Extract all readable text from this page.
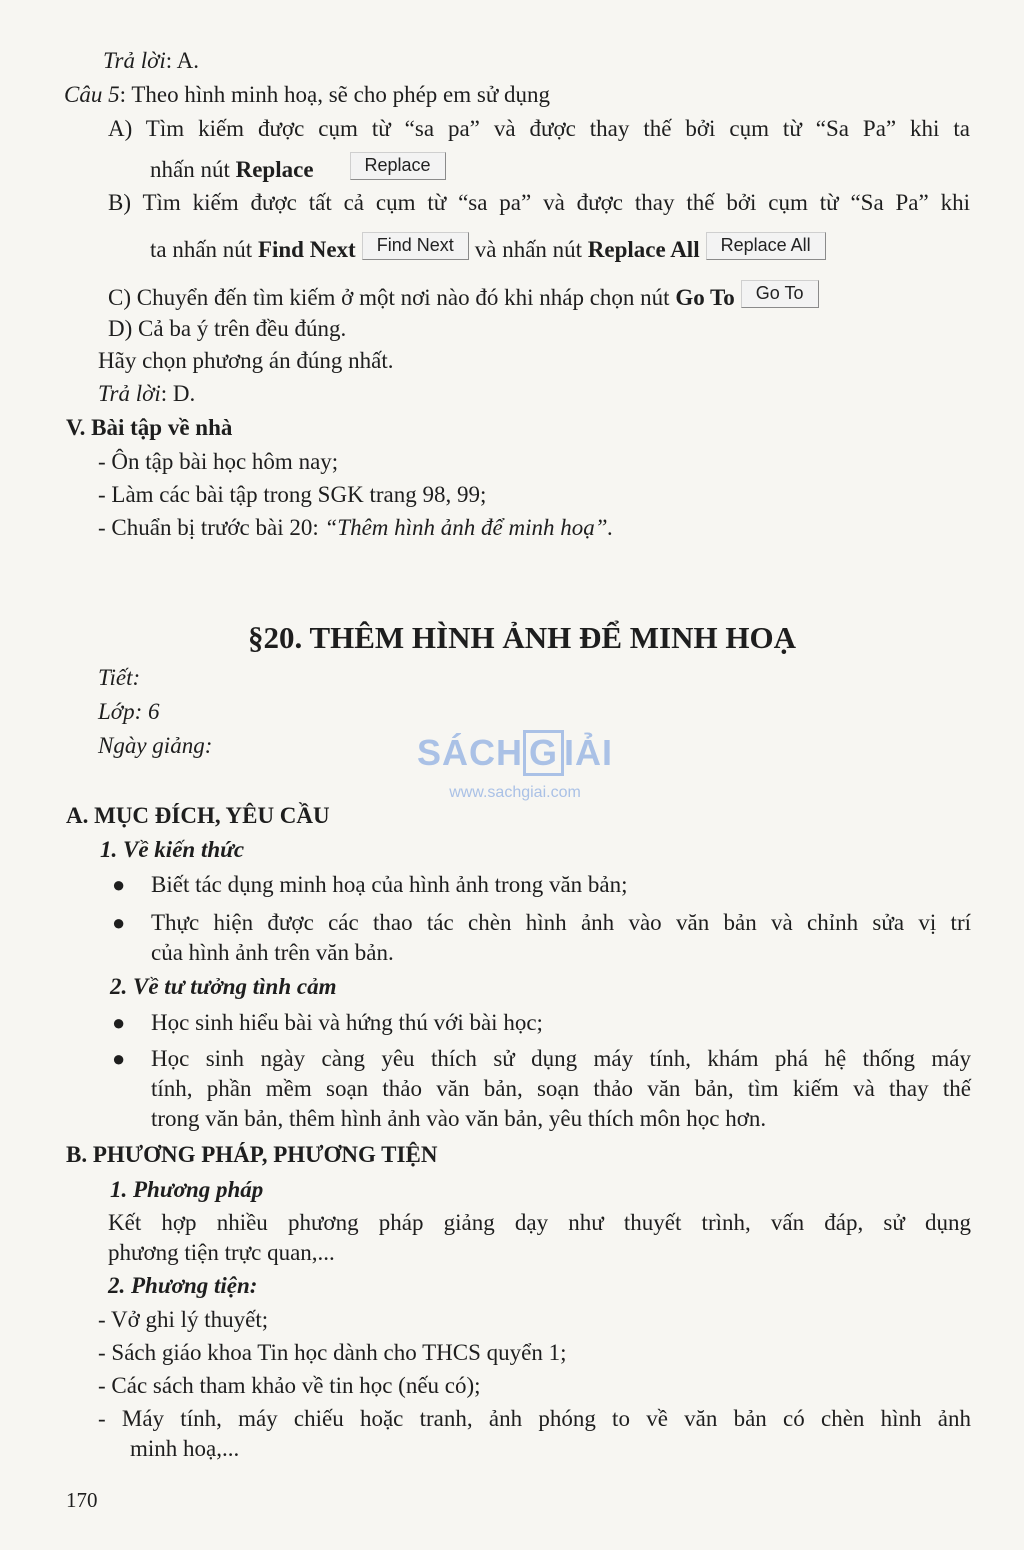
Trả lời: A.
Câu 5: Theo hình minh hoạ, sẽ cho phép em sử dụng
A) Tìm kiếm được cụm từ “sa pa” và được thay thế bởi cụm từ “Sa Pa” khi ta
nhấn nút Replace	Replace
B) Tìm kiếm được tất cả cụm từ “sa pa” và được thay thế bởi cụm từ “Sa Pa” khi
ta nhấn nút Find Next Find Next và nhấn nút Replace All Replace All
C) Chuyển đến tìm kiếm ở một nơi nào đó khi nháp chọn nút Go To Go To
D) Cả ba ý trên đều đúng.
Hãy chọn phương án đúng nhất.
Trả lời: D.
V. Bài tập về nhà
- Ôn tập bài học hôm nay;
- Làm các bài tập trong SGK trang 98, 99;
- Chuẩn bị trước bài 20: “Thêm hình ảnh để minh hoạ”.
§20. THÊM HÌNH ẢNH ĐỂ MINH HOẠ
Tiết:
Lớp: 6
Ngày giảng:	SÁCH G IẢI
www.sachgiai.com
A. MỤC ĐÍCH, YÊU CẦU
1. Về kiến thức
● Biết tác dụng minh hoạ của hình ảnh trong văn bản;
● Thực hiện được các thao tác chèn hình ảnh vào văn bản và chỉnh sửa vị trí
của hình ảnh trên văn bản.
2. Về tư tưởng tình cảm
● Học sinh hiểu bài và hứng thú với bài học;
● Học sinh ngày càng yêu thích sử dụng máy tính, khám phá hệ thống máy
tính, phần mềm soạn thảo văn bản, soạn thảo văn bản, tìm kiếm và thay thế
trong văn bản, thêm hình ảnh vào văn bản, yêu thích môn học hơn.
B. PHƯƠNG PHÁP, PHƯƠNG TIỆN
1. Phương pháp
Kết hợp nhiều phương pháp giảng dạy như thuyết trình, vấn đáp, sử dụng
phương tiện trực quan,...
2. Phương tiện:
- Vở ghi lý thuyết;
- Sách giáo khoa Tin học dành cho THCS quyển 1;
- Các sách tham khảo về tin học (nếu có);
- Máy tính, máy chiếu hoặc tranh, ảnh phóng to về văn bản có chèn hình ảnh
minh hoạ,...
170
